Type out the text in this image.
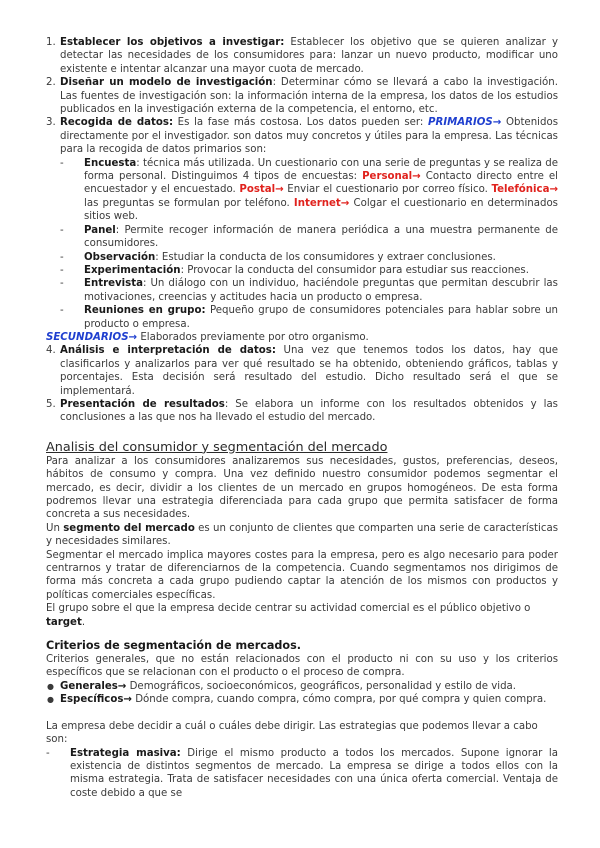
1. Establecer los objetivos a investigar: Establecer los objetivo que se quieren analizar y detectar las necesidades de los consumidores para: lanzar un nuevo producto, modificar uno existente e intentar alcanzar una mayor cuota de mercado.
2. Diseñar un modelo de investigación: Determinar cómo se llevará a cabo la investigación. Las fuentes de investigación son: la información interna de la empresa, los datos de los estudios publicados en la investigación externa de la competencia, el entorno, etc.
3. Recogida de datos: Es la fase más costosa. Los datos pueden ser: PRIMARIOS→ Obtenidos directamente por el investigador. son datos muy concretos y útiles para la empresa. Las técnicas para la recogida de datos primarios son:
- Encuesta: técnica más utilizada. Un cuestionario con una serie de preguntas y se realiza de forma personal. Distinguimos 4 tipos de encuestas: Personal→ Contacto directo entre el encuestador y el encuestado. Postal→ Enviar el cuestionario por correo físico. Telefónica→ las preguntas se formulan por teléfono. Internet→ Colgar el cuestionario en determinados sitios web.
- Panel: Permite recoger información de manera periódica a una muestra permanente de consumidores.
- Observación: Estudiar la conducta de los consumidores y extraer conclusiones.
- Experimentación: Provocar la conducta del consumidor para estudiar sus reacciones.
- Entrevista: Un diálogo con un individuo, haciéndole preguntas que permitan descubrir las motivaciones, creencias y actitudes hacia un producto o empresa.
- Reuniones en grupo: Pequeño grupo de consumidores potenciales para hablar sobre un producto o empresa.

SECUNDARIOS→ Elaborados previamente por otro organismo.

4. Análisis e interpretación de datos: Una vez que tenemos todos los datos, hay que clasificarlos y analizarlos para ver qué resultado se ha obtenido, obteniendo gráficos, tablas y porcentajes. Esta decisión será resultado del estudio. Dicho resultado será el que se implementará.
5. Presentación de resultados: Se elabora un informe con los resultados obtenidos y las conclusiones a las que nos ha llevado el estudio del mercado.

Analisis del consumidor y segmentación del mercado

Para analizar a los consumidores analizaremos sus necesidades, gustos, preferencias, deseos, hábitos de consumo y compra. Una vez definido nuestro consumidor podemos segmentar el mercado, es decir, dividir a los clientes de un mercado en grupos homogéneos. De esta forma podremos llevar una estrategia diferenciada para cada grupo que permita satisfacer de forma concreta a sus necesidades.

Un segmento del mercado es un conjunto de clientes que comparten una serie de características y necesidades similares.

Segmentar el mercado implica mayores costes para la empresa, pero es algo necesario para poder centrarnos y tratar de diferenciarnos de la competencia. Cuando segmentamos nos dirigimos de forma más concreta a cada grupo pudiendo captar la atención de los mismos con productos y políticas comerciales específicas.

El grupo sobre el que la empresa decide centrar su actividad comercial es el público objetivo o target.

Criterios de segmentación de mercados.

Criterios generales, que no están relacionados con el producto ni con su uso y los criterios específicos que se relacionan con el producto o el proceso de compra.

● Generales→ Demográficos, socioeconómicos, geográficos, personalidad y estilo de vida.
● Específicos→ Dónde compra, cuando compra, cómo compra, por qué compra y quien compra.

La empresa debe decidir a cuál o cuáles debe dirigir. Las estrategias que podemos llevar a cabo son:

- Estrategia masiva: Dirige el mismo producto a todos los mercados. Supone ignorar la existencia de distintos segmentos de mercado. La empresa se dirige a todos ellos con la misma estrategia. Trata de satisfacer necesidades con una única oferta comercial. Ventaja de coste debido a que se
